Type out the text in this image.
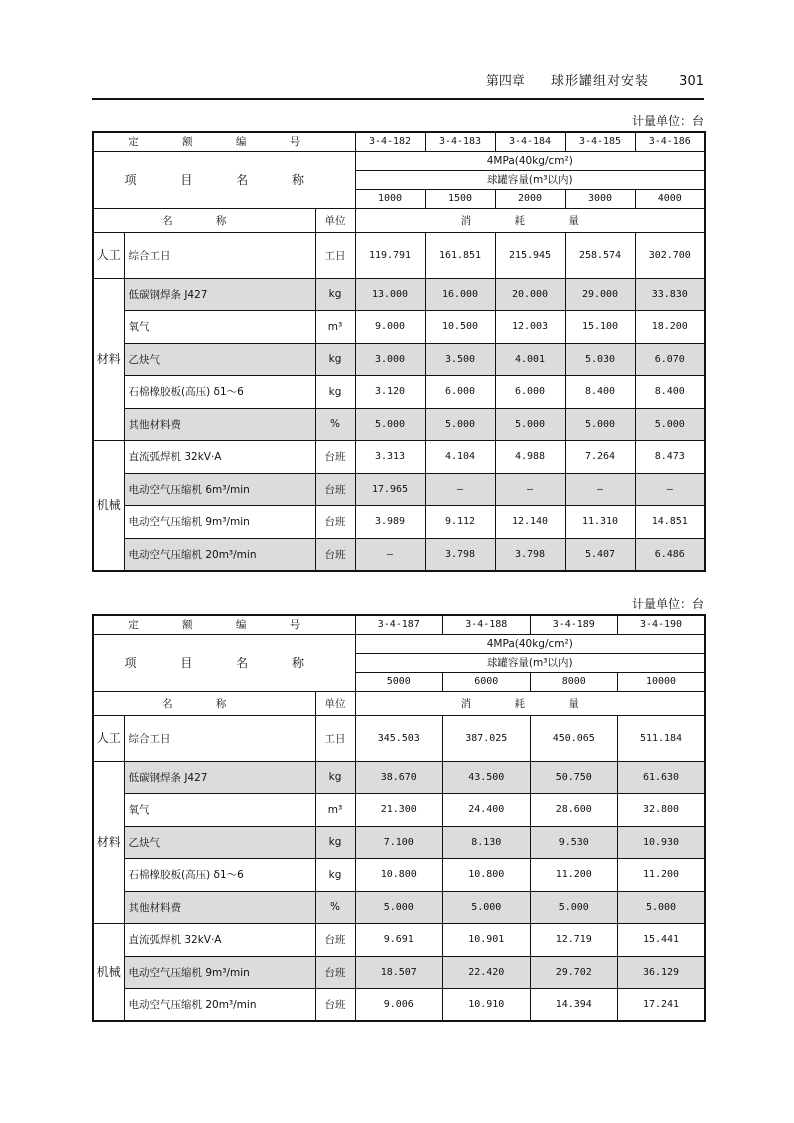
第四章 球形罐组对安装 301
计量单位：台
定 额 编 号			3-4-182	3-4-183	3-4-184	3-4-185	3-4-186
项 目 名 称			4MPa(40kg/cm²)				
			球罐容量(m³以内)				
			1000	1500	2000	3000	4000
名 称		单位	消 耗 量				
人工	综合工日	工日	119.791	161.851	215.945	258.574	302.700
材料	低碳钢焊条 J427	kg	13.000	16.000	20.000	29.000	33.830
	氧气	m³	9.000	10.500	12.003	15.100	18.200
	乙炔气	kg	3.000	3.500	4.001	5.030	6.070
	石棉橡胶板(高压) δ1～6	kg	3.120	6.000	6.000	8.400	8.400
	其他材料费	%	5.000	5.000	5.000	5.000	5.000
机械	直流弧焊机 32kV·A	台班	3.313	4.104	4.988	7.264	8.473
	电动空气压缩机 6m³/min	台班	17.965	—	—	—	—
	电动空气压缩机 9m³/min	台班	3.989	9.112	12.140	11.310	14.851
	电动空气压缩机 20m³/min	台班	—	3.798	3.798	5.407	6.486
计量单位：台
定 额 编 号			3-4-187	3-4-188	3-4-189	3-4-190
项 目 名 称			4MPa(40kg/cm²)			
			球罐容量(m³以内)			
			5000	6000	8000	10000
名 称		单位	消 耗 量			
人工	综合工日	工日	345.503	387.025	450.065	511.184
材料	低碳钢焊条 J427	kg	38.670	43.500	50.750	61.630
	氧气	m³	21.300	24.400	28.600	32.800
	乙炔气	kg	7.100	8.130	9.530	10.930
	石棉橡胶板(高压) δ1～6	kg	10.800	10.800	11.200	11.200
	其他材料费	%	5.000	5.000	5.000	5.000
机械	直流弧焊机 32kV·A	台班	9.691	10.901	12.719	15.441
	电动空气压缩机 9m³/min	台班	18.507	22.420	29.702	36.129
	电动空气压缩机 20m³/min	台班	9.006	10.910	14.394	17.241
